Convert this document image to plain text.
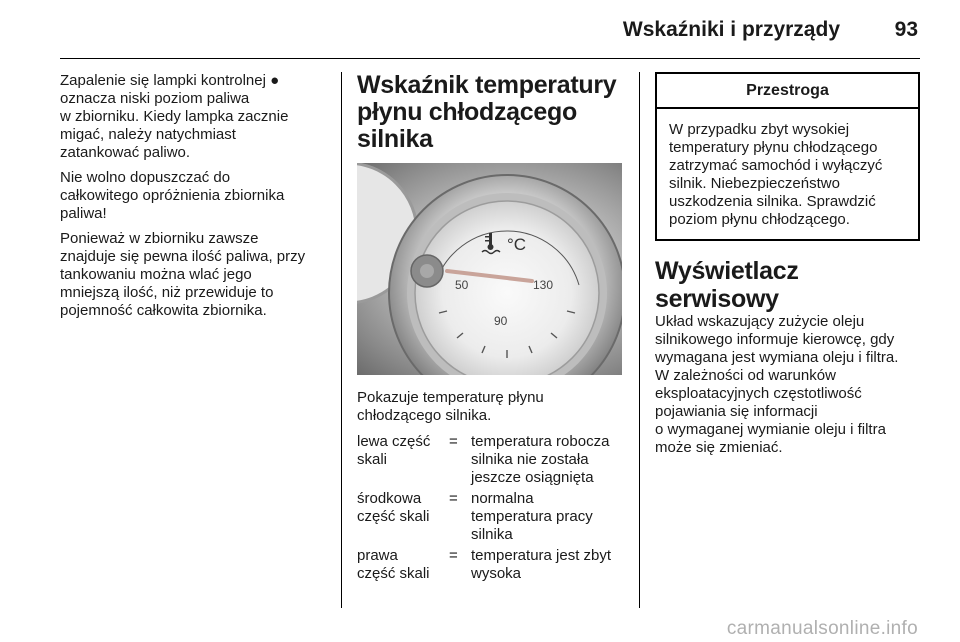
Wskaźniki i przyrządy	93

Zapalenie się lampki kontrolnej ●
oznacza niski poziom paliwa
w zbiorniku. Kiedy lampka zacznie
migać, należy natychmiast
zatankować paliwo.

Nie wolno dopuszczać do
całkowitego opróżnienia zbiornika
paliwa!

Ponieważ w zbiorniku zawsze
znajduje się pewna ilość paliwa, przy
tankowaniu można wlać jego
mniejszą ilość, niż przewiduje to
pojemność całkowita zbiornika.

Wskaźnik temperatury
płynu chłodzącego silnika
50
90
130
°C

Pokazuje temperaturę płynu
chłodzącego silnika.

lewa część
skali
= temperatura robocza
silnika nie została
jeszcze osiągnięta
środkowa
część skali
= normalna
temperatura pracy
silnika
prawa
część skali
= temperatura jest zbyt
wysoka
Przestroga
W przypadku zbyt wysokiej
temperatury płynu chłodzącego
zatrzymać samochód i wyłączyć
silnik. Niebezpieczeństwo
uszkodzenia silnika. Sprawdzić
poziom płynu chłodzącego.
Wyświetlacz serwisowy

Układ wskazujący zużycie oleju
silnikowego informuje kierowcę, gdy
wymagana jest wymiana oleju i filtra.
W zależności od warunków
eksploatacyjnych częstotliwość
pojawiania się informacji
o wymaganej wymianie oleju i filtra
może się zmieniać.

carmanualsonline.info
